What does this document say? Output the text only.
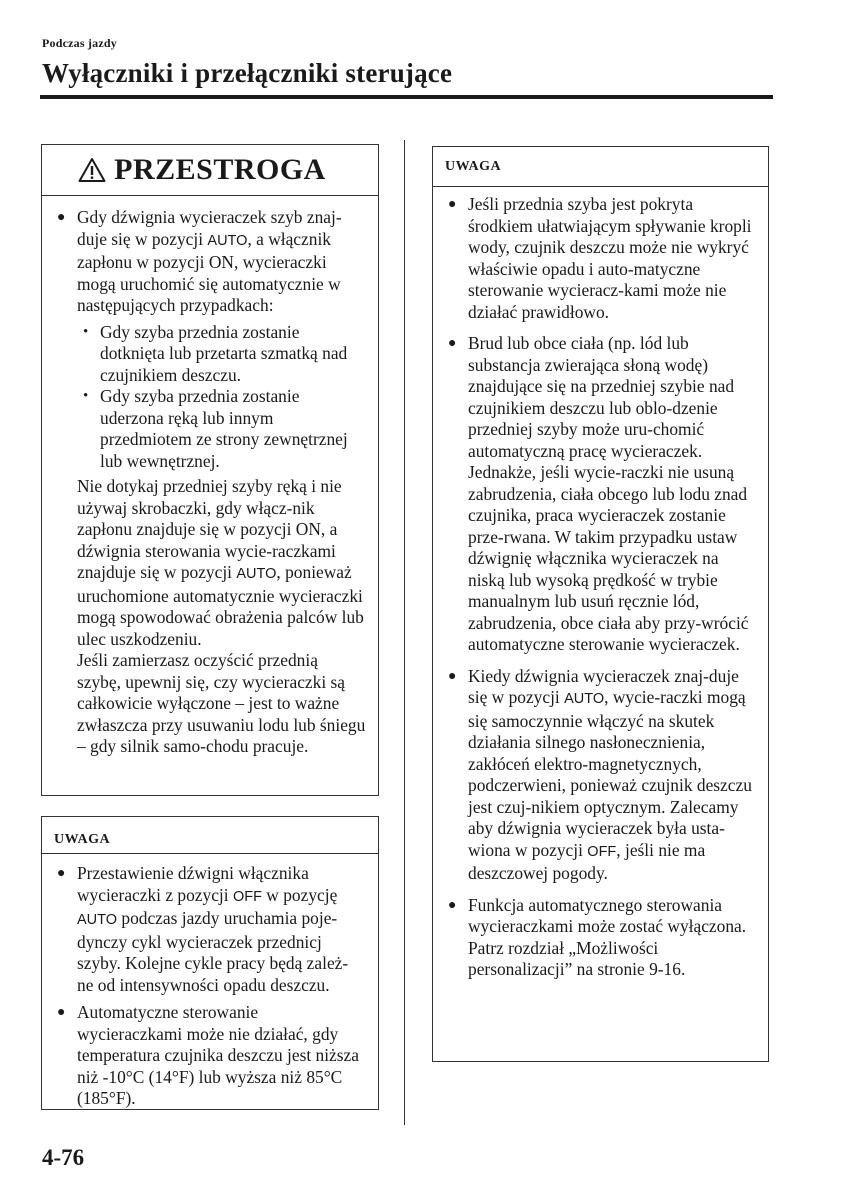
Podczas jazdy
Wyłączniki i przełączniki sterujące
PRZESTROGA
● Gdy dźwignia wycieraczek szyb znaj-duje się w pozycji AUTO, a włącznik zapłonu w pozycji ON, wycieraczki mogą uruchomić się automatycznie w następujących przypadkach:
• Gdy szyba przednia zostanie dotknięta lub przetarta szmatką nad czujnikiem deszczu.
• Gdy szyba przednia zostanie uderzona ręką lub innym przedmiotem ze strony zewnętrznej lub wewnętrznej.
Nie dotykaj przedniej szyby ręką i nie używaj skrobaczki, gdy włącz-nik zapłonu znajduje się w pozycji ON, a dźwignia sterowania wycie-raczkami znajduje się w pozycji AUTO, ponieważ uruchomione automatycznie wycieraczki mogą spowodować obrażenia palców lub ulec uszkodzeniu.
Jeśli zamierzasz oczyścić przednią szybę, upewnij się, czy wycieraczki są całkowicie wyłączone – jest to ważne zwłaszcza przy usuwaniu lodu lub śniegu – gdy silnik samo-chodu pracuje.
UWAGA
● Przestawienie dźwigni włącznika wycieraczki z pozycji OFF w pozycję AUTO podczas jazdy uruchamia poje-dynczy cykl wycieraczek przednicj szyby. Kolejne cykle pracy będą zależ-ne od intensywności opadu deszczu.
● Automatyczne sterowanie wycieraczkami może nie działać, gdy temperatura czujnika deszczu jest niższa niż -10°C (14°F) lub wyższa niż 85°C (185°F).
UWAGA
● Jeśli przednia szyba jest pokryta środkiem ułatwiającym spływanie kropli wody, czujnik deszczu może nie wykryć właściwie opadu i auto-matyczne sterowanie wycieracz-kami może nie działać prawidłowo.
● Brud lub obce ciała (np. lód lub substancja zwierająca słoną wodę) znajdujące się na przedniej szybie nad czujnikiem deszczu lub oblo-dzenie przedniej szyby może uru-chomić automatyczną pracę wycieraczek. Jednakże, jeśli wycie-raczki nie usuną zabrudzenia, ciała obcego lub lodu znad czujnika, praca wycieraczek zostanie prze-rwana. W takim przypadku ustaw dźwignię włącznika wycieraczek na niską lub wysoką prędkość w trybie manualnym lub usuń ręcznie lód, zabrudzenia, obce ciała aby przy-wrócić automatyczne sterowanie wycieraczek.
● Kiedy dźwignia wycieraczek znaj-duje się w pozycji AUTO, wycie-raczki mogą się samoczynnie włączyć na skutek działania silnego nasłonecznienia, zakłóceń elektro-magnetycznych, podczerwieni, ponieważ czujnik deszczu jest czuj-nikiem optycznym. Zalecamy aby dźwignia wycieraczek była usta-wiona w pozycji OFF, jeśli nie ma deszczowej pogody.
● Funkcja automatycznego sterowania wycieraczkami może zostać wyłączona.
Patrz rozdział „Możliwości personalizacji” na stronie 9-16.
4-76
